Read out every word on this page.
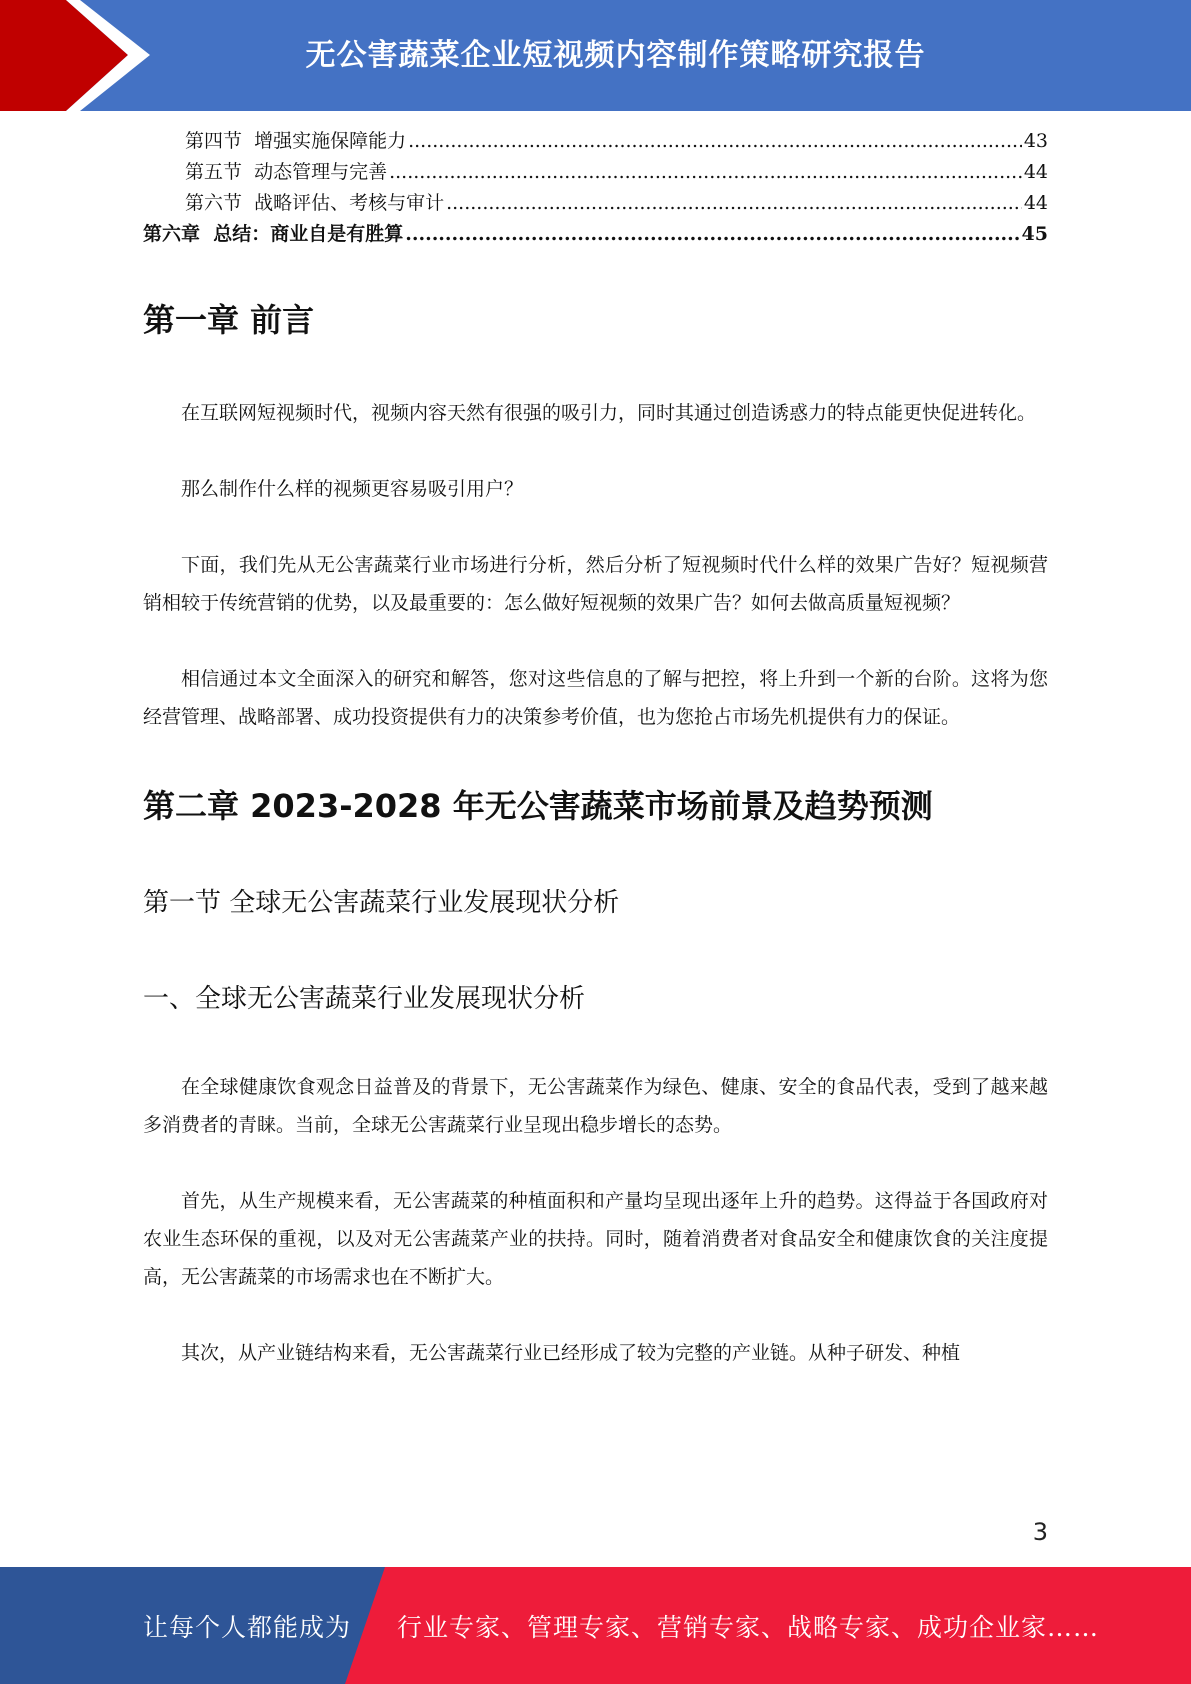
无公害蔬菜企业短视频内容制作策略研究报告
第四节  增强实施保障能力 .....	43
第五节  动态管理与完善 .....	44
第六节  战略评估、考核与审计 .....	44
第六章  总结：商业自是有胜算 .....	45
第一章 前言

在互联网短视频时代，视频内容天然有很强的吸引力，同时其通过创造诱惑力的特点能更快促进转化。

那么制作什么样的视频更容易吸引用户？

下面，我们先从无公害蔬菜行业市场进行分析，然后分析了短视频时代什么样的效果广告好？短视频营销相较于传统营销的优势，以及最重要的：怎么做好短视频的效果广告？如何去做高质量短视频？

相信通过本文全面深入的研究和解答，您对这些信息的了解与把控，将上升到一个新的台阶。这将为您经营管理、战略部署、成功投资提供有力的决策参考价值，也为您抢占市场先机提供有力的保证。

第二章 2023-2028 年无公害蔬菜市场前景及趋势预测
第一节 全球无公害蔬菜行业发展现状分析
一、全球无公害蔬菜行业发展现状分析

在全球健康饮食观念日益普及的背景下，无公害蔬菜作为绿色、健康、安全的食品代表，受到了越来越多消费者的青睐。当前，全球无公害蔬菜行业呈现出稳步增长的态势。

首先，从生产规模来看，无公害蔬菜的种植面积和产量均呈现出逐年上升的趋势。这得益于各国政府对农业生态环保的重视，以及对无公害蔬菜产业的扶持。同时，随着消费者对食品安全和健康饮食的关注度提高，无公害蔬菜的市场需求也在不断扩大。

其次，从产业链结构来看，无公害蔬菜行业已经形成了较为完整的产业链。从种子研发、种植

3
让每个人都能成为 行业专家、管理专家、营销专家、战略专家、成功企业家……
